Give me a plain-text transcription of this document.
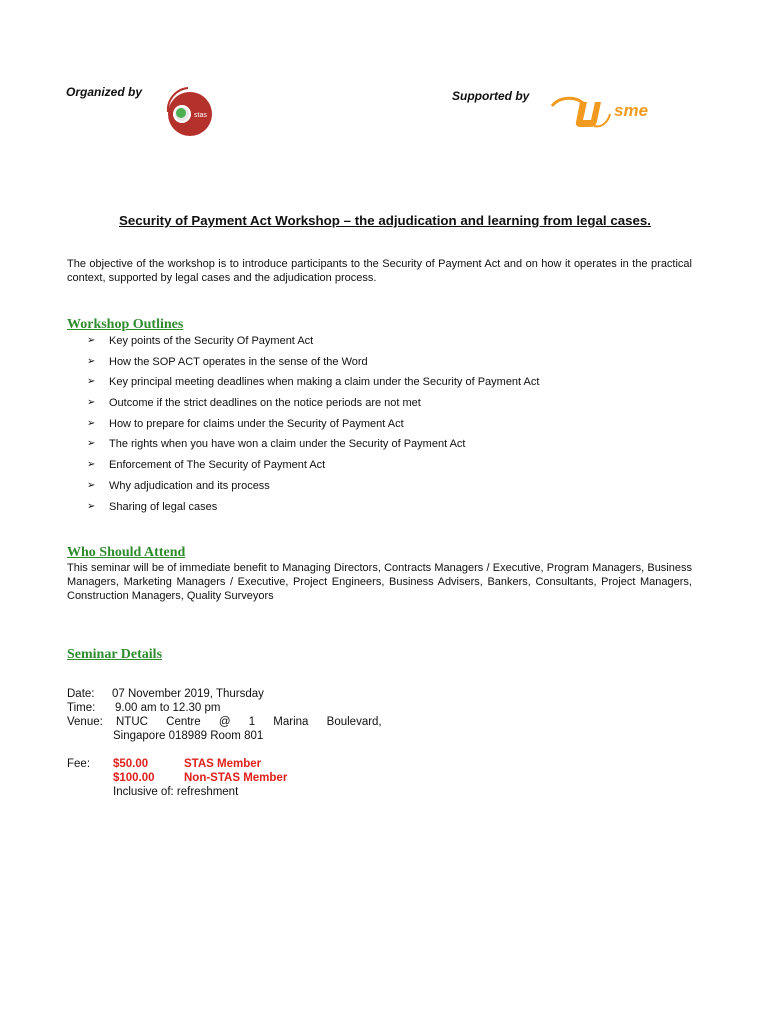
Organized by
stas
Supported by
sme
Security of Payment Act Workshop – the adjudication and learning from legal cases.
The objective of the workshop is to introduce participants to the Security of Payment Act and on how it operates in the practical context, supported by legal cases and the adjudication process.
Workshop Outlines
➢	Key points of the Security Of Payment Act
➢	How the SOP ACT operates in the sense of the Word
➢	Key principal meeting deadlines when making a claim under the Security of Payment Act
➢	Outcome if the strict deadlines on the notice periods are not met
➢	How to prepare for claims under the Security of Payment Act
➢	The rights when you have won a claim under the Security of Payment Act
➢	Enforcement of The Security of Payment Act
➢	Why adjudication and its process
➢	Sharing of legal cases
Who Should Attend
This seminar will be of immediate benefit to Managing Directors, Contracts Managers / Executive, Program Managers, Business Managers, Marketing Managers / Executive, Project Engineers, Business Advisers, Bankers, Consultants, Project Managers, Construction Managers, Quality Surveyors
Seminar Details
Date:	07 November 2019, Thursday
Time:	9.00 am to 12.30 pm
Venue:	NTUC Centre @ 1 Marina Boulevard,
Singapore 018989 Room 801
Fee:	$50.00	STAS Member
$100.00	Non-STAS Member
Inclusive of: refreshment
